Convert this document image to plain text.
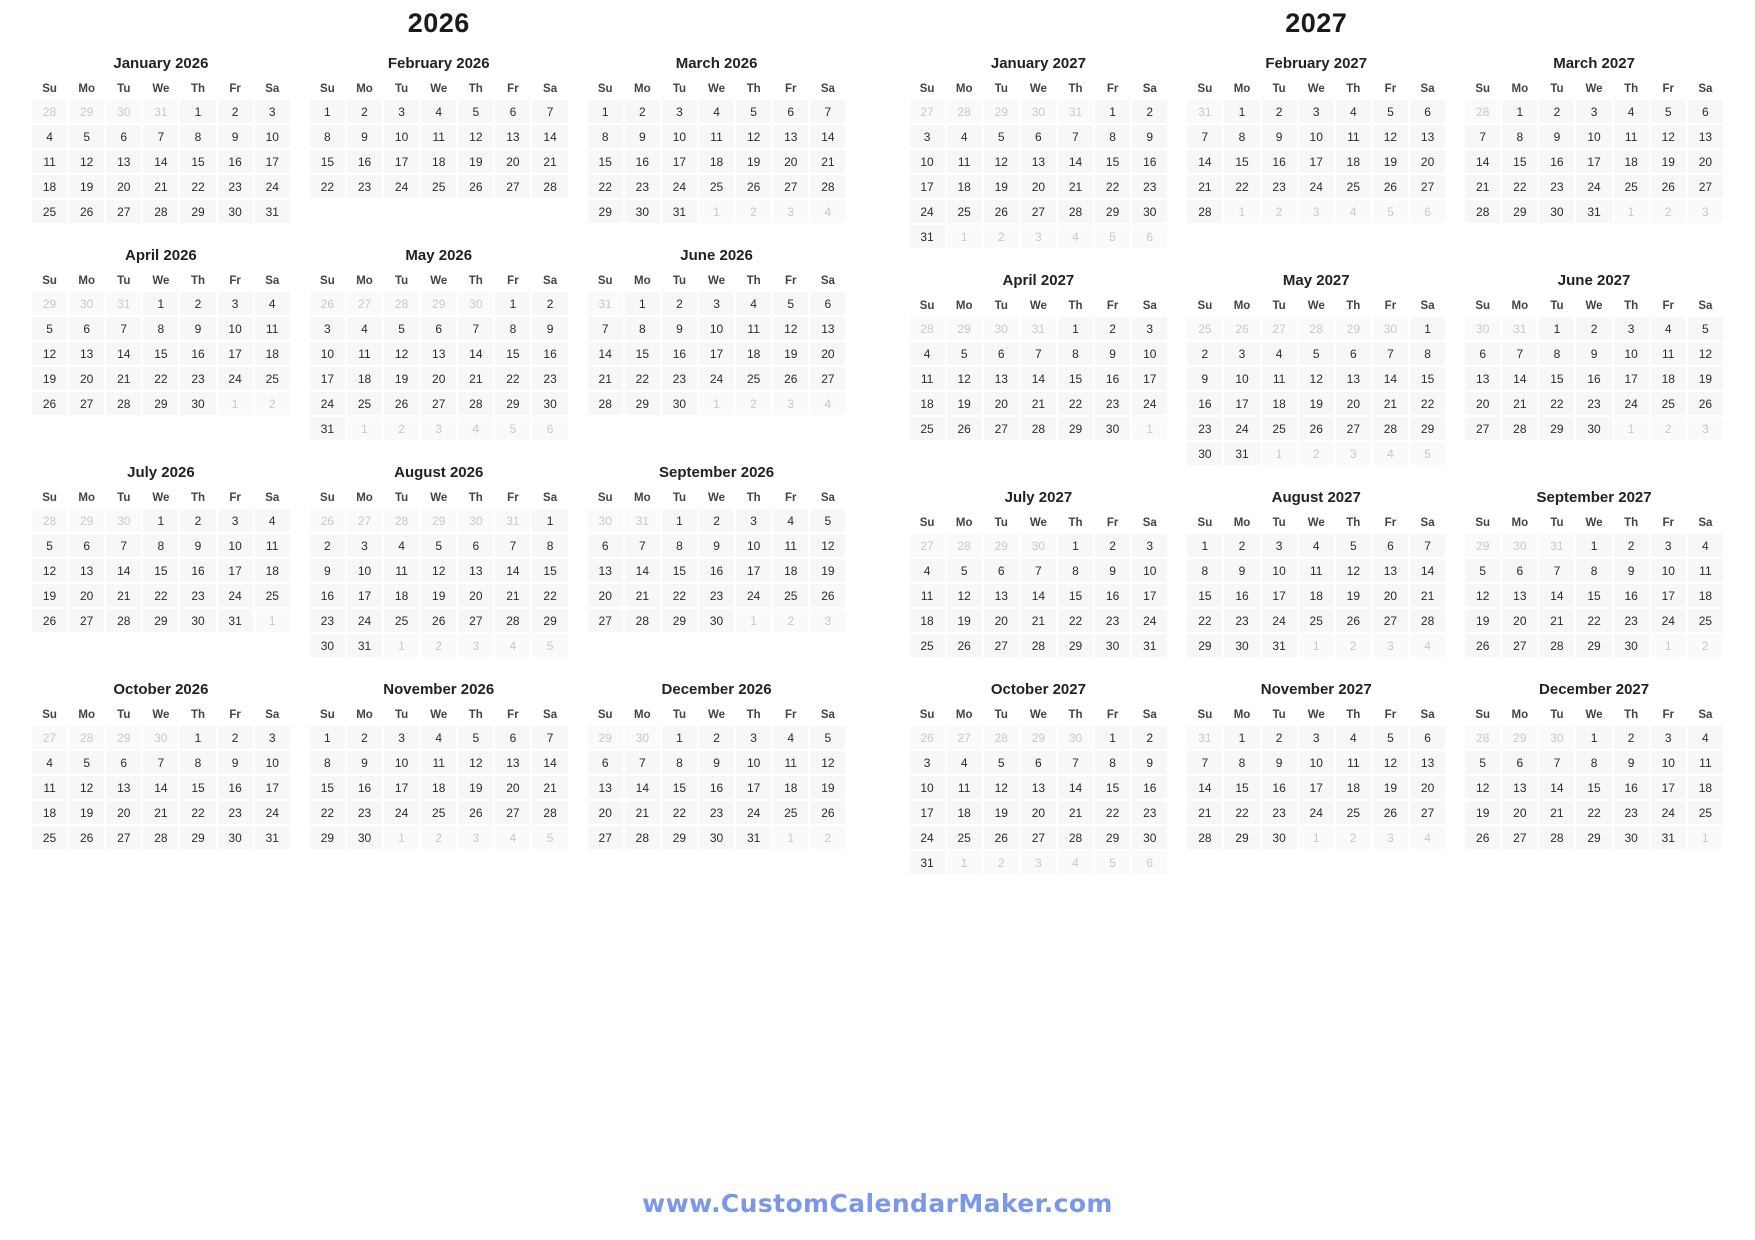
2026	2027
January 2026
Su	Mo	Tu	We	Th	Fr	Sa
28	29	30	31	1	2	3
4	5	6	7	8	9	10
11	12	13	14	15	16	17
18	19	20	21	22	23	24
25	26	27	28	29	30	31
February 2026
Su	Mo	Tu	We	Th	Fr	Sa
1	2	3	4	5	6	7
8	9	10	11	12	13	14
15	16	17	18	19	20	21
22	23	24	25	26	27	28
March 2026
Su	Mo	Tu	We	Th	Fr	Sa
1	2	3	4	5	6	7
8	9	10	11	12	13	14
15	16	17	18	19	20	21
22	23	24	25	26	27	28
29	30	31	1	2	3	4
April 2026
Su	Mo	Tu	We	Th	Fr	Sa
29	30	31	1	2	3	4
5	6	7	8	9	10	11
12	13	14	15	16	17	18
19	20	21	22	23	24	25
26	27	28	29	30	1	2
May 2026
Su	Mo	Tu	We	Th	Fr	Sa
26	27	28	29	30	1	2
3	4	5	6	7	8	9
10	11	12	13	14	15	16
17	18	19	20	21	22	23
24	25	26	27	28	29	30
31	1	2	3	4	5	6
June 2026
Su	Mo	Tu	We	Th	Fr	Sa
31	1	2	3	4	5	6
7	8	9	10	11	12	13
14	15	16	17	18	19	20
21	22	23	24	25	26	27
28	29	30	1	2	3	4
July 2026
Su	Mo	Tu	We	Th	Fr	Sa
28	29	30	1	2	3	4
5	6	7	8	9	10	11
12	13	14	15	16	17	18
19	20	21	22	23	24	25
26	27	28	29	30	31	1
August 2026
Su	Mo	Tu	We	Th	Fr	Sa
26	27	28	29	30	31	1
2	3	4	5	6	7	8
9	10	11	12	13	14	15
16	17	18	19	20	21	22
23	24	25	26	27	28	29
30	31	1	2	3	4	5
September 2026
Su	Mo	Tu	We	Th	Fr	Sa
30	31	1	2	3	4	5
6	7	8	9	10	11	12
13	14	15	16	17	18	19
20	21	22	23	24	25	26
27	28	29	30	1	2	3
October 2026
Su	Mo	Tu	We	Th	Fr	Sa
27	28	29	30	1	2	3
4	5	6	7	8	9	10
11	12	13	14	15	16	17
18	19	20	21	22	23	24
25	26	27	28	29	30	31
November 2026
Su	Mo	Tu	We	Th	Fr	Sa
1	2	3	4	5	6	7
8	9	10	11	12	13	14
15	16	17	18	19	20	21
22	23	24	25	26	27	28
29	30	1	2	3	4	5
December 2026
Su	Mo	Tu	We	Th	Fr	Sa
29	30	1	2	3	4	5
6	7	8	9	10	11	12
13	14	15	16	17	18	19
20	21	22	23	24	25	26
27	28	29	30	31	1	2
January 2027
Su	Mo	Tu	We	Th	Fr	Sa
27	28	29	30	31	1	2
3	4	5	6	7	8	9
10	11	12	13	14	15	16
17	18	19	20	21	22	23
24	25	26	27	28	29	30
31	1	2	3	4	5	6
February 2027
Su	Mo	Tu	We	Th	Fr	Sa
31	1	2	3	4	5	6
7	8	9	10	11	12	13
14	15	16	17	18	19	20
21	22	23	24	25	26	27
28	1	2	3	4	5	6
March 2027
Su	Mo	Tu	We	Th	Fr	Sa
28	1	2	3	4	5	6
7	8	9	10	11	12	13
14	15	16	17	18	19	20
21	22	23	24	25	26	27
28	29	30	31	1	2	3
April 2027
Su	Mo	Tu	We	Th	Fr	Sa
28	29	30	31	1	2	3
4	5	6	7	8	9	10
11	12	13	14	15	16	17
18	19	20	21	22	23	24
25	26	27	28	29	30	1
May 2027
Su	Mo	Tu	We	Th	Fr	Sa
25	26	27	28	29	30	1
2	3	4	5	6	7	8
9	10	11	12	13	14	15
16	17	18	19	20	21	22
23	24	25	26	27	28	29
30	31	1	2	3	4	5
June 2027
Su	Mo	Tu	We	Th	Fr	Sa
30	31	1	2	3	4	5
6	7	8	9	10	11	12
13	14	15	16	17	18	19
20	21	22	23	24	25	26
27	28	29	30	1	2	3
July 2027
Su	Mo	Tu	We	Th	Fr	Sa
27	28	29	30	1	2	3
4	5	6	7	8	9	10
11	12	13	14	15	16	17
18	19	20	21	22	23	24
25	26	27	28	29	30	31
August 2027
Su	Mo	Tu	We	Th	Fr	Sa
1	2	3	4	5	6	7
8	9	10	11	12	13	14
15	16	17	18	19	20	21
22	23	24	25	26	27	28
29	30	31	1	2	3	4
September 2027
Su	Mo	Tu	We	Th	Fr	Sa
29	30	31	1	2	3	4
5	6	7	8	9	10	11
12	13	14	15	16	17	18
19	20	21	22	23	24	25
26	27	28	29	30	1	2
October 2027
Su	Mo	Tu	We	Th	Fr	Sa
26	27	28	29	30	1	2
3	4	5	6	7	8	9
10	11	12	13	14	15	16
17	18	19	20	21	22	23
24	25	26	27	28	29	30
31	1	2	3	4	5	6
November 2027
Su	Mo	Tu	We	Th	Fr	Sa
31	1	2	3	4	5	6
7	8	9	10	11	12	13
14	15	16	17	18	19	20
21	22	23	24	25	26	27
28	29	30	1	2	3	4
December 2027
Su	Mo	Tu	We	Th	Fr	Sa
28	29	30	1	2	3	4
5	6	7	8	9	10	11
12	13	14	15	16	17	18
19	20	21	22	23	24	25
26	27	28	29	30	31	1
www.CustomCalendarMaker.com
